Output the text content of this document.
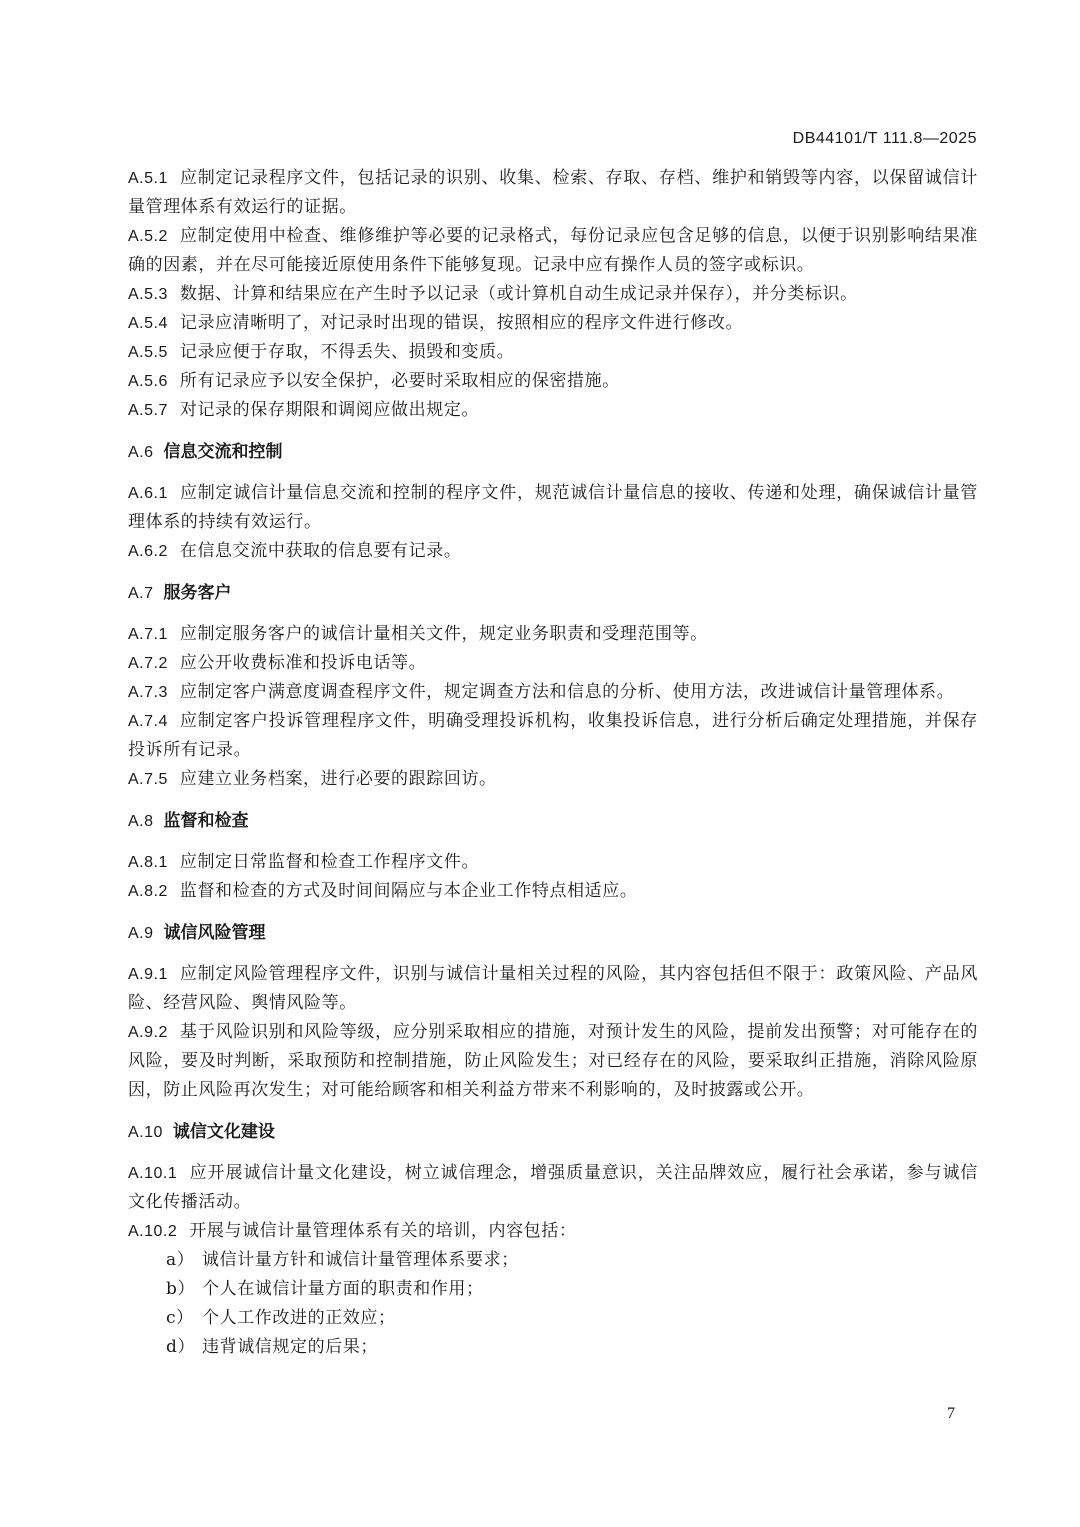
DB44101/T 111.8—2025
A.5.1 应制定记录程序文件，包括记录的识别、收集、检索、存取、存档、维护和销毁等内容，以保留诚信计量管理体系有效运行的证据。
A.5.2 应制定使用中检查、维修维护等必要的记录格式，每份记录应包含足够的信息，以便于识别影响结果准确的因素，并在尽可能接近原使用条件下能够复现。记录中应有操作人员的签字或标识。
A.5.3 数据、计算和结果应在产生时予以记录（或计算机自动生成记录并保存），并分类标识。
A.5.4 记录应清晰明了，对记录时出现的错误，按照相应的程序文件进行修改。
A.5.5 记录应便于存取，不得丢失、损毁和变质。
A.5.6 所有记录应予以安全保护，必要时采取相应的保密措施。
A.5.7 对记录的保存期限和调阅应做出规定。
A.6 信息交流和控制
A.6.1 应制定诚信计量信息交流和控制的程序文件，规范诚信计量信息的接收、传递和处理，确保诚信计量管理体系的持续有效运行。
A.6.2 在信息交流中获取的信息要有记录。
A.7 服务客户
A.7.1 应制定服务客户的诚信计量相关文件，规定业务职责和受理范围等。
A.7.2 应公开收费标准和投诉电话等。
A.7.3 应制定客户满意度调查程序文件，规定调查方法和信息的分析、使用方法，改进诚信计量管理体系。
A.7.4 应制定客户投诉管理程序文件，明确受理投诉机构，收集投诉信息，进行分析后确定处理措施，并保存投诉所有记录。
A.7.5 应建立业务档案，进行必要的跟踪回访。
A.8 监督和检查
A.8.1 应制定日常监督和检查工作程序文件。
A.8.2 监督和检查的方式及时间间隔应与本企业工作特点相适应。
A.9 诚信风险管理
A.9.1 应制定风险管理程序文件，识别与诚信计量相关过程的风险，其内容包括但不限于：政策风险、产品风险、经营风险、舆情风险等。
A.9.2 基于风险识别和风险等级，应分别采取相应的措施，对预计发生的风险，提前发出预警；对可能存在的风险，要及时判断，采取预防和控制措施，防止风险发生；对已经存在的风险，要采取纠正措施，消除风险原因，防止风险再次发生；对可能给顾客和相关利益方带来不利影响的，及时披露或公开。
A.10 诚信文化建设
A.10.1 应开展诚信计量文化建设，树立诚信理念，增强质量意识，关注品牌效应，履行社会承诺，参与诚信文化传播活动。
A.10.2 开展与诚信计量管理体系有关的培训，内容包括：
a） 诚信计量方针和诚信计量管理体系要求；
b） 个人在诚信计量方面的职责和作用；
c） 个人工作改进的正效应；
d） 违背诚信规定的后果；
7
